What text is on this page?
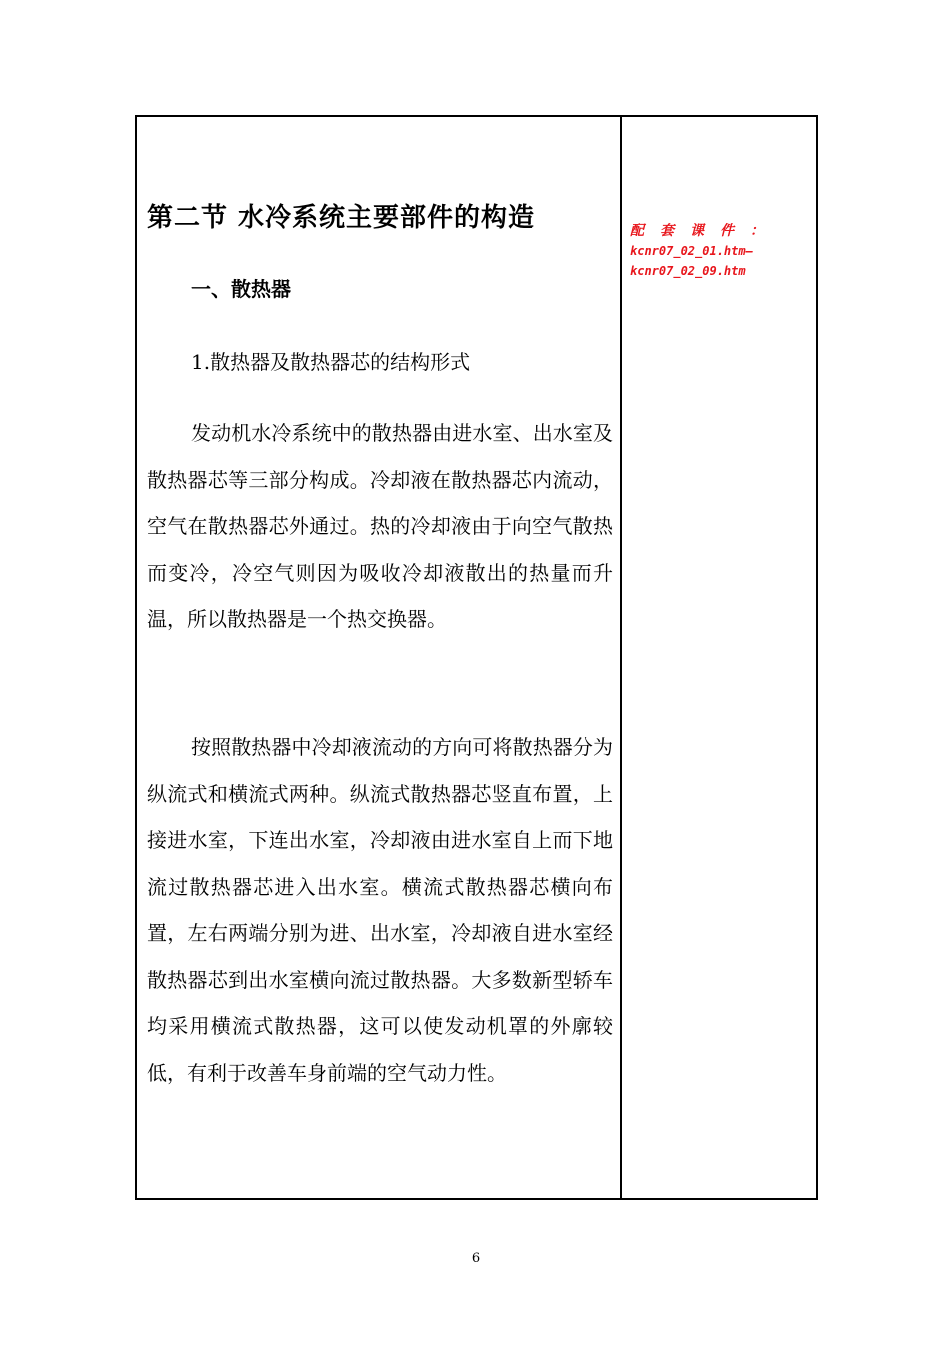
第二节 水冷系统主要部件的构造
一、散热器
1.散热器及散热器芯的结构形式

发动机水冷系统中的散热器由进水室、出水室及散热器芯等三部分构成。冷却液在散热器芯内流动，空气在散热器芯外通过。热的冷却液由于向空气散热而变冷，冷空气则因为吸收冷却液散出的热量而升温，所以散热器是一个热交换器。

按照散热器中冷却液流动的方向可将散热器分为纵流式和横流式两种。纵流式散热器芯竖直布置，上接进水室，下连出水室，冷却液由进水室自上而下地流过散热器芯进入出水室。横流式散热器芯横向布置，左右两端分别为进、出水室，冷却液自进水室经散热器芯到出水室横向流过散热器。大多数新型轿车均采用横流式散热器，这可以使发动机罩的外廓较低，有利于改善车身前端的空气动力性。

配套课件：
kcnr07_02_01.htm—
kcnr07_02_09.htm
6
